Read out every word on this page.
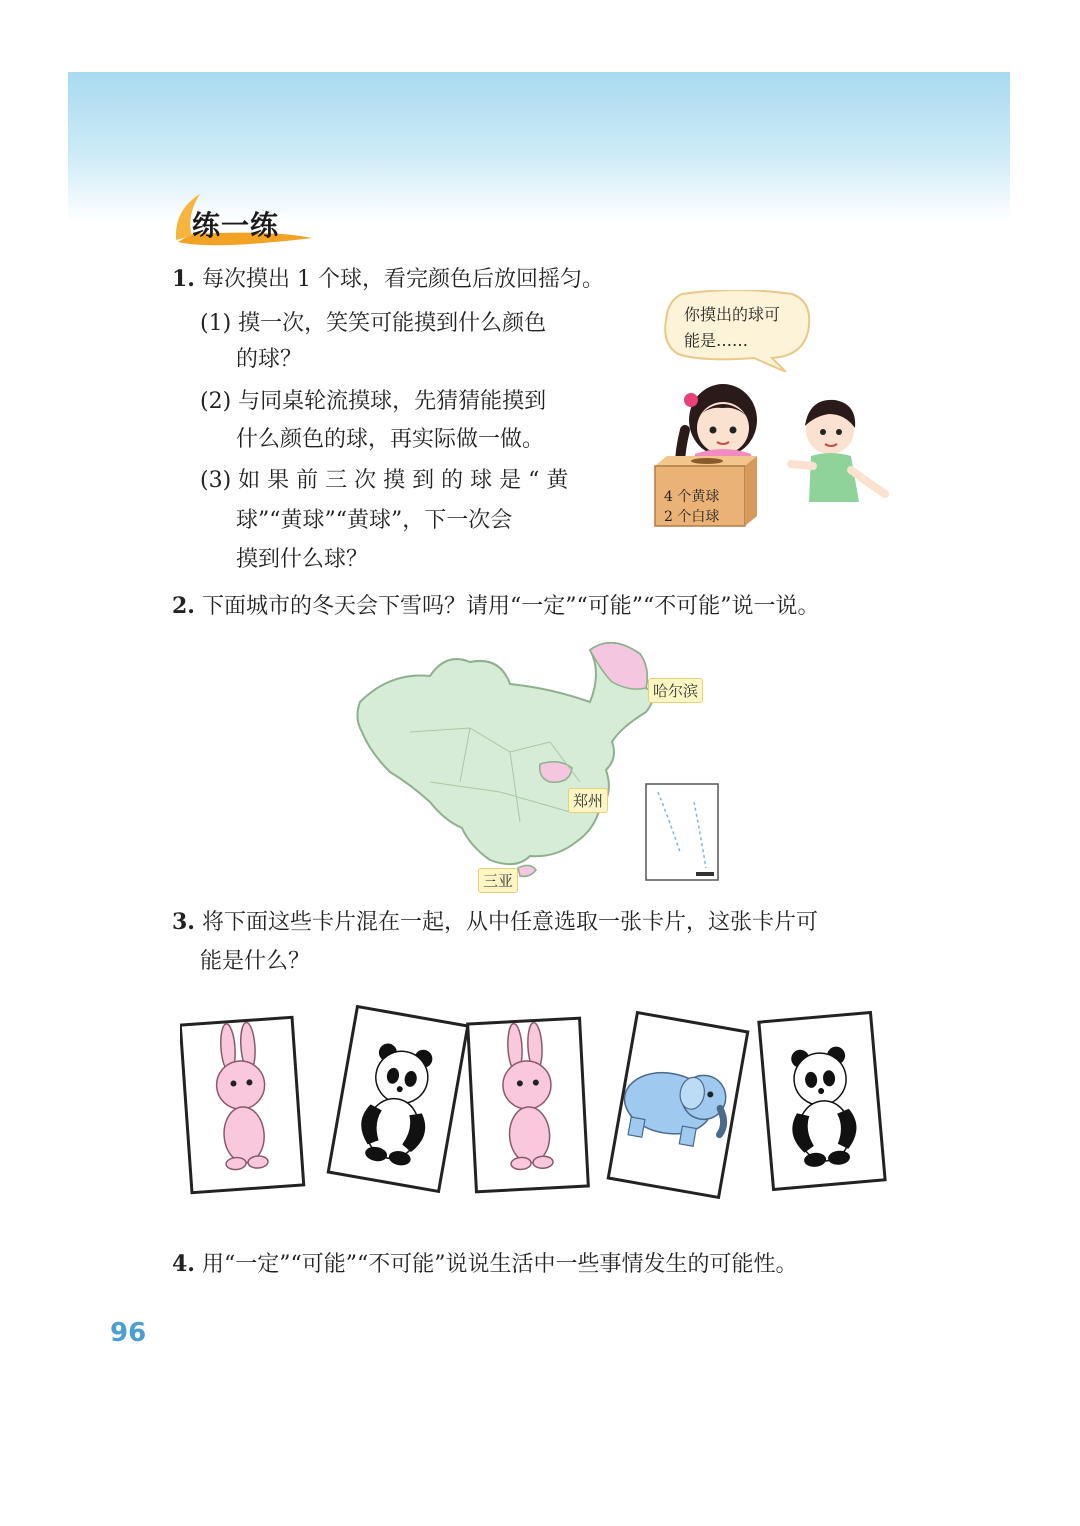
练一练
1. 每次摸出 1 个球，看完颜色后放回摇匀。
(1) 摸一次，笑笑可能摸到什么颜色
的球？
(2) 与同桌轮流摸球，先猜猜能摸到
什么颜色的球，再实际做一做。
(3) 如 果 前 三 次 摸 到 的 球 是 “ 黄
球”“黄球”“黄球”，下一次会
摸到什么球？
你摸出的球可
能是……
4 个黄球
2 个白球
2. 下面城市的冬天会下雪吗？请用“一定”“可能”“不可能”说一说。
哈尔滨
郑州
三亚
3. 将下面这些卡片混在一起，从中任意选取一张卡片，这张卡片可
能是什么？
4. 用“一定”“可能”“不可能”说说生活中一些事情发生的可能性。
96
